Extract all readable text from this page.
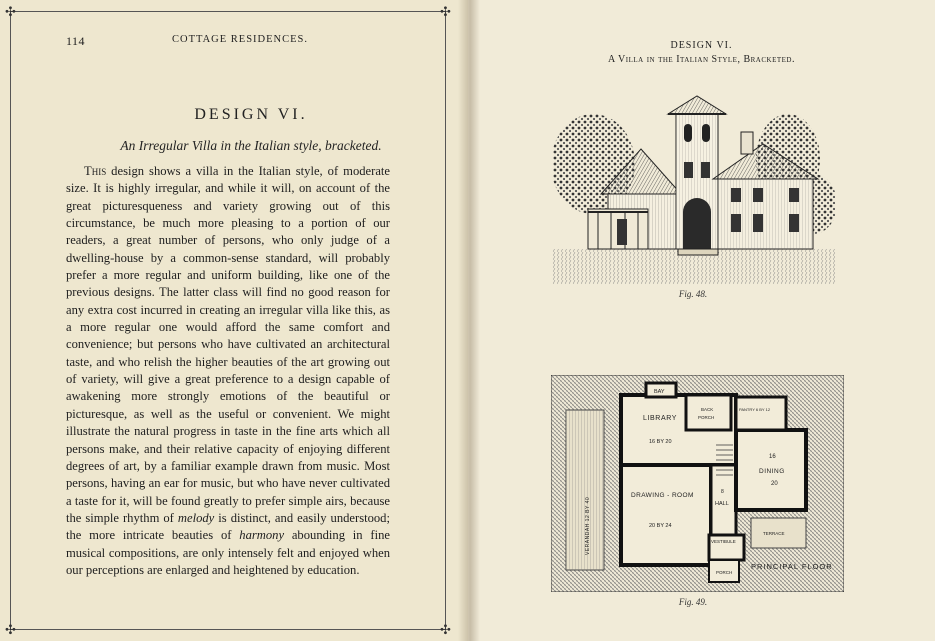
✣	✣
✣	✣
114	COTTAGE RESIDENCES.
DESIGN VI.
An Irregular Villa in the Italian style, bracketed.

This design shows a villa in the Italian style, of moderate size. It is highly irregular, and while it will, on account of the great picturesqueness and variety growing out of this circumstance, be much more pleasing to a portion of our readers, a great number of persons, who only judge of a dwelling-house by a common-sense standard, will probably prefer a more regular and uniform building, like one of the previous designs. The latter class will find no good reason for any extra cost incurred in creating an irregular villa like this, as a more regular one would afford the same comfort and convenience; but persons who have cultivated an architectural taste, and who relish the higher beauties of the art growing out of variety, will give a great preference to a design capable of awakening more strongly emotions of the beautiful or picturesque, as well as the useful or convenient. We might illustrate the natural progress in taste in the fine arts which all persons make, and their relative capacity of enjoying different degrees of art, by a familiar example drawn from music. Most persons, having an ear for music, but who have never cultivated a taste for it, will be found greatly to prefer simple airs, because the simple rhythm of melody is distinct, and easily understood; the more intricate beauties of harmony abounding in fine musical compositions, are only intensely felt and enjoyed when our perceptions are enlarged and heightened by education.

DESIGN VI.
A Villa in the Italian Style, Bracketed.
Fig. 48.
BAY
LIBRARY
16 BY 20
BACK
PORCH
PANTRY 6 BY 12
16
DINING
20
8
HALL
DRAWING - ROOM
20 BY 24
VESTIBULE
PORCH
TERRACE
VERANDAH 12 BY 40
PRINCIPAL FLOOR
Fig. 49.
